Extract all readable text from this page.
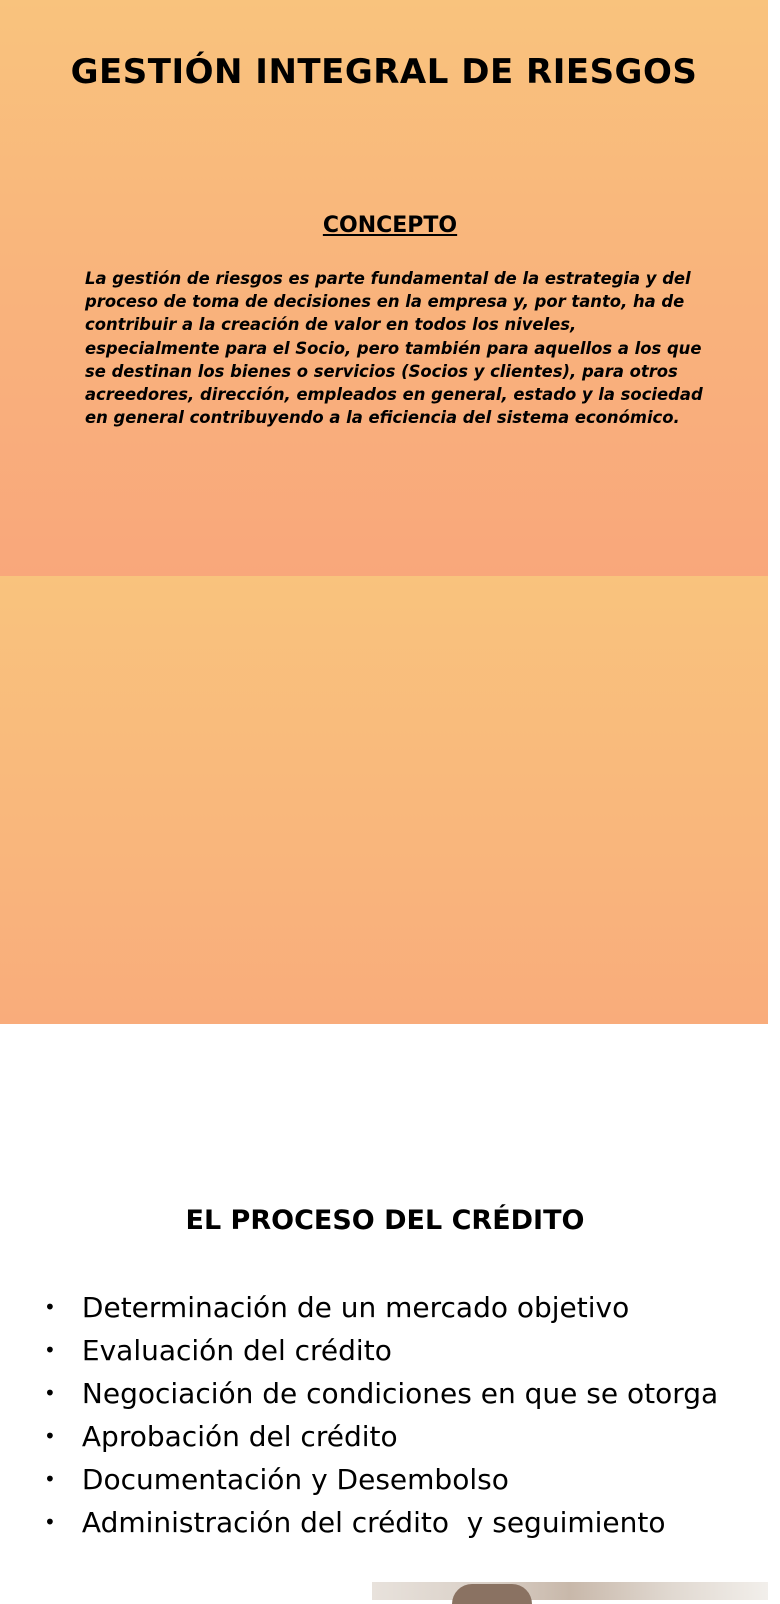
GESTIÓN INTEGRAL DE RIESGOS
CONCEPTO

La gestión de riesgos es parte fundamental de la estrategia y del proceso de toma de decisiones en la empresa y, por tanto, ha de contribuir a la creación de valor en todos los niveles, especialmente para el Socio, pero también para aquellos a los que se destinan los bienes o servicios (Socios y clientes), para otros acreedores, dirección, empleados en general, estado y la sociedad en general contribuyendo a la eficiencia del sistema económico.

EL PROCESO DEL CRÉDITO
• Determinación de un mercado objetivo
• Evaluación del crédito
• Negociación de condiciones en que se otorga
• Aprobación del crédito
• Documentación y Desembolso
• Administración del crédito  y seguimiento
